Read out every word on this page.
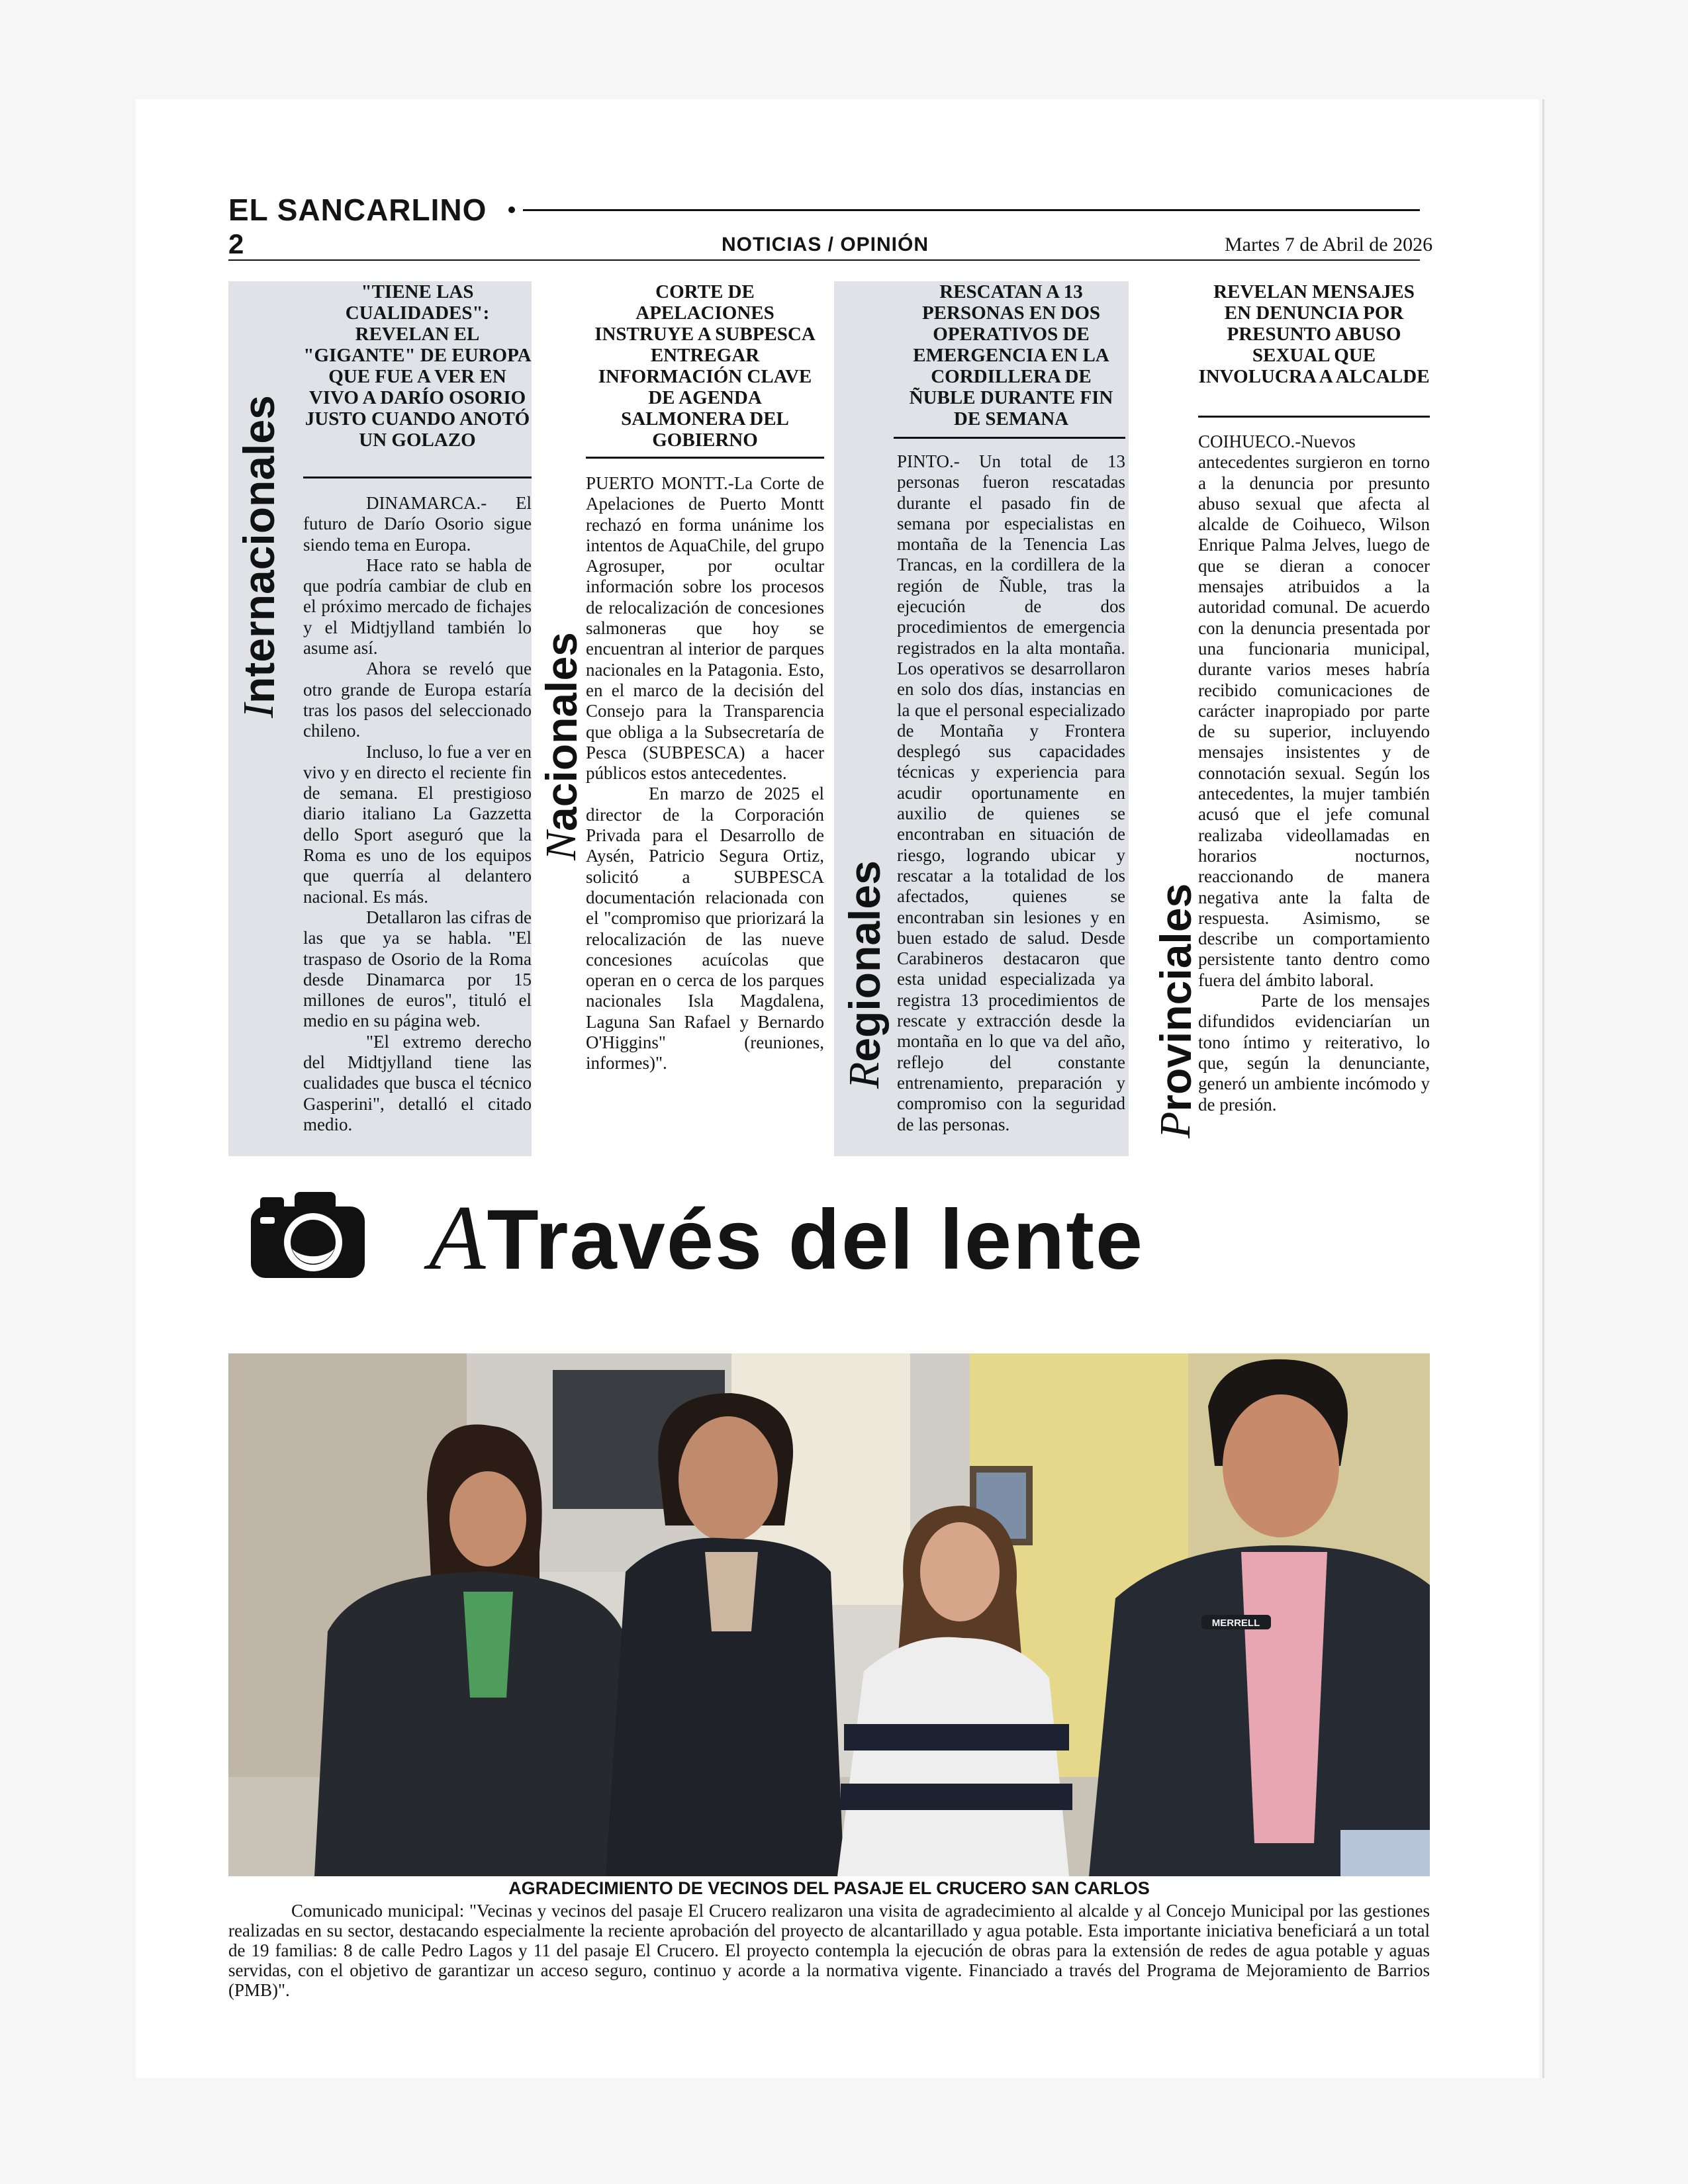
EL SANCARLINO
2	NOTICIAS / OPINIÓN	Martes 7 de Abril de 2026
Internacionales
"TIENE LAS CUALIDADES": REVELAN EL "GIGANTE" DE EUROPA QUE FUE A VER EN VIVO A DARÍO OSORIO JUSTO CUANDO ANOTÓ UN GOLAZO

DINAMARCA.- El futuro de Darío Osorio sigue siendo tema en Europa.

Hace rato se habla de que podría cambiar de club en el próximo mercado de fichajes y el Midtjylland también lo asume así.

Ahora se reveló que otro grande de Europa estaría tras los pasos del seleccionado chileno.

Incluso, lo fue a ver en vivo y en directo el reciente fin de semana. El prestigioso diario italiano La Gazzetta dello Sport aseguró que la Roma es uno de los equipos que querría al delantero nacional. Es más.

Detallaron las cifras de las que ya se habla. "El traspaso de Osorio de la Roma desde Dinamarca por 15 millones de euros", tituló el medio en su página web.

"El extremo derecho del Midtjylland tiene las cualidades que busca el técnico Gasperini", detalló el citado medio.

Nacionales
CORTE DE APELACIONES INSTRUYE A SUBPESCA ENTREGAR INFORMACIÓN CLAVE DE AGENDA SALMONERA DEL GOBIERNO

PUERTO MONTT.-La Corte de Apelaciones de Puerto Montt rechazó en forma unánime los intentos de AquaChile, del grupo Agrosuper, por ocultar información sobre los procesos de relocalización de concesiones salmoneras que hoy se encuentran al interior de parques nacionales en la Patagonia. Esto, en el marco de la decisión del Consejo para la Transparencia que obliga a la Subsecretaría de Pesca (SUBPESCA) a hacer públicos estos antecedentes.

En marzo de 2025 el director de la Corporación Privada para el Desarrollo de Aysén, Patricio Segura Ortiz, solicitó a SUBPESCA documentación relacionada con el "compromiso que priorizará la relocalización de las nueve concesiones acuícolas que operan en o cerca de los parques nacionales Isla Magdalena, Laguna San Rafael y Bernardo O'Higgins" (reuniones, informes)".	Regionales
RESCATAN A 13 PERSONAS EN DOS OPERATIVOS DE EMERGENCIA EN LA CORDILLERA DE ÑUBLE DURANTE FIN DE SEMANA

PINTO.- Un total de 13 personas fueron rescatadas durante el pasado fin de semana por especialistas en montaña de la Tenencia Las Trancas, en la cordillera de la región de Ñuble, tras la ejecución de dos procedimientos de emergencia registrados en la alta montaña. Los operativos se desarrollaron en solo dos días, instancias en la que el personal especializado de Montaña y Frontera desplegó sus capacidades técnicas y experiencia para acudir oportunamente en auxilio de quienes se encontraban en situación de riesgo, logrando ubicar y rescatar a la totalidad de los afectados, quienes se encontraban sin lesiones y en buen estado de salud. Desde Carabineros destacaron que esta unidad especializada ya registra 13 procedimientos de rescate y extracción desde la montaña en lo que va del año, reflejo del constante entrenamiento, preparación y compromiso con la seguridad de las personas.	Provinciales
REVELAN MENSAJES EN DENUNCIA POR PRESUNTO ABUSO SEXUAL QUE INVOLUCRA A ALCALDE

COIHUECO.-Nuevos antecedentes surgieron en torno a la denuncia por presunto abuso sexual que afecta al alcalde de Coihueco, Wilson Enrique Palma Jelves, luego de que se dieran a conocer mensajes atribuidos a la autoridad comunal. De acuerdo con la denuncia presentada por una funcionaria municipal, durante varios meses habría recibido comunicaciones de carácter inapropiado por parte de su superior, incluyendo mensajes insistentes y de connotación sexual. Según los antecedentes, la mujer también acusó que el jefe comunal realizaba videollamadas en horarios nocturnos, reaccionando de manera negativa ante la falta de respuesta. Asimismo, se describe un comportamiento persistente tanto dentro como fuera del ámbito laboral.

Parte de los mensajes difundidos evidenciarían un tono íntimo y reiterativo, lo que, según la denunciante, generó un ambiente incómodo y de presión.

ATravés del lente
MERRELL
AGRADECIMIENTO DE VECINOS DEL PASAJE EL CRUCERO SAN CARLOS
Comunicado municipal: "Vecinas y vecinos del pasaje El Crucero realizaron una visita de agradecimiento al alcalde y al Concejo Municipal por las gestiones realizadas en su sector, destacando especialmente la reciente aprobación del proyecto de alcantarillado y agua potable. Esta importante iniciativa beneficiará a un total de 19 familias: 8 de calle Pedro Lagos y 11 del pasaje El Crucero. El proyecto contempla la ejecución de obras para la extensión de redes de agua potable y aguas servidas, con el objetivo de garantizar un acceso seguro, continuo y acorde a la normativa vigente. Financiado a través del Programa de Mejoramiento de Barrios (PMB)".
